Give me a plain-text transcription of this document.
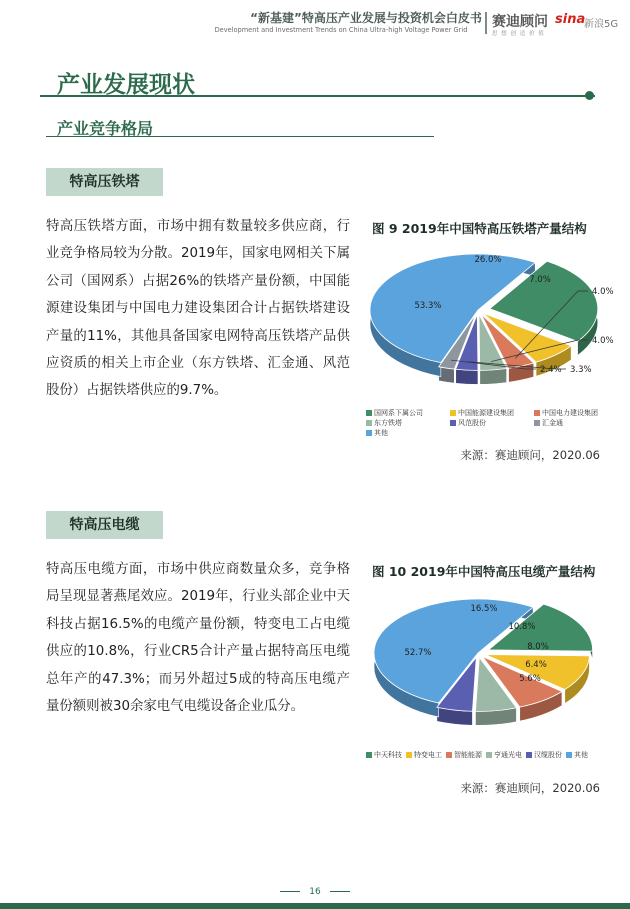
“新基建”特高压产业发展与投资机会白皮书
Development and Investment Trends on China Ultra-high Voltage Power Grid	赛迪顾问
思 想 创 造 价 值
sina
新浪5G
产业发展现状
产业竞争格局
特高压铁塔
特高压铁塔方面，市场中拥有数量较多供应商，行业竞争格局较为分散。2019年，国家电网相关下属公司（国网系）占据26%的铁塔产量份额，中国能源建设集团与中国电力建设集团合计占据铁塔建设产量的11%，其他具备国家电网特高压铁塔产品供应资质的相关上市企业（东方铁塔、汇金通、风范股份）占据铁塔供应的9.7%。
图 9 2019年中国特高压铁塔产量结构
26.0%
7.0%
4.0%
4.0%
3.3%
2.4%
53.3%
国网系下属公司	中国能源建设集团	中国电力建设集团
东方铁塔	风范股份	汇金通
其他
来源：赛迪顾问，2020.06
特高压电缆
特高压电缆方面，市场中供应商数量众多，竞争格局呈现显著燕尾效应。2019年，行业头部企业中天科技占据16.5%的电缆产量份额，特变电工占电缆供应的10.8%，行业CR5合计产量占据特高压电缆总年产的47.3%；而另外超过5成的特高压电缆产量份额则被30余家电气电缆设备企业瓜分。
图 10 2019年中国特高压电缆产量结构
16.5%
10.8%
8.0%
6.4%
5.6%
52.7%
中天科技	特变电工	智能能源	亨通光电	汉缆股份	其他
来源：赛迪顾问，2020.06
16
